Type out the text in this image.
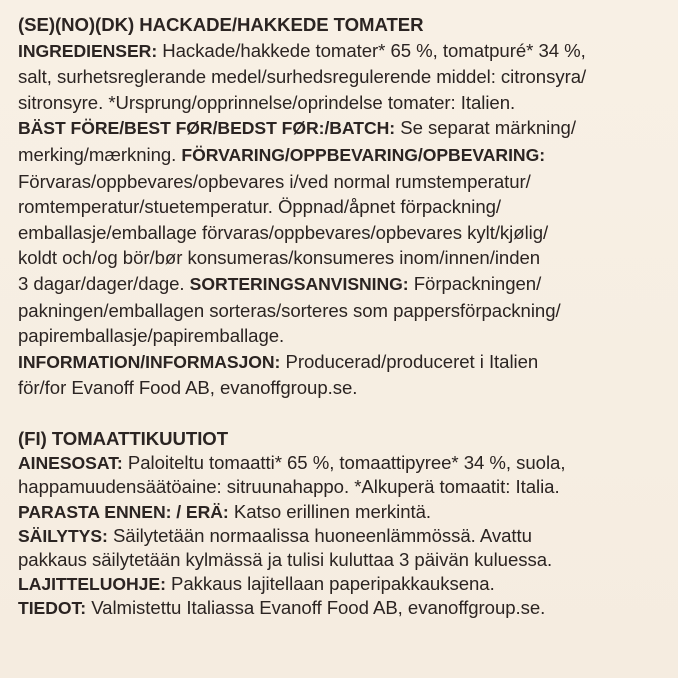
(SE)(NO)(DK) HACKADE/HAKKEDE TOMATER

INGREDIENSER: Hackade/hakkede tomater* 65 %, tomatpuré* 34 %,

salt, surhetsreglerande medel/surhedsregulerende middel: citronsyra/

sitronsyre. *Ursprung/opprinnelse/oprindelse tomater: Italien.

BÄST FÖRE/BEST FØR/BEDST FØR:/BATCH: Se separat märkning/

merking/mærkning. FÖRVARING/OPPBEVARING/OPBEVARING:

Förvaras/oppbevares/opbevares i/ved normal rumstemperatur/

romtemperatur/stuetemperatur. Öppnad/åpnet förpackning/

emballasje/emballage förvaras/oppbevares/opbevares kylt/kjølig/

koldt och/og bör/bør konsumeras/konsumeres inom/innen/inden

3 dagar/dager/dage. SORTERINGSANVISNING: Förpackningen/

pakningen/emballagen sorteras/sorteres som pappersförpackning/

papiremballasje/papiremballage.

INFORMATION/INFORMASJON: Producerad/produceret i Italien

för/for Evanoff Food AB, evanoffgroup.se.

(FI) TOMAATTIKUUTIOT

AINESOSAT: Paloiteltu tomaatti* 65 %, tomaattipyree* 34 %, suola,

happamuudensäätöaine: sitruunahappo. *Alkuperä tomaatit: Italia.

PARASTA ENNEN: / ERÄ: Katso erillinen merkintä.

SÄILYTYS: Säilytetään normaalissa huoneenlämmössä. Avattu

pakkaus säilytetään kylmässä ja tulisi kuluttaa 3 päivän kuluessa.

LAJITTELUOHJE: Pakkaus lajitellaan paperipakkauksena.

TIEDOT: Valmistettu Italiassa Evanoff Food AB, evanoffgroup.se.
